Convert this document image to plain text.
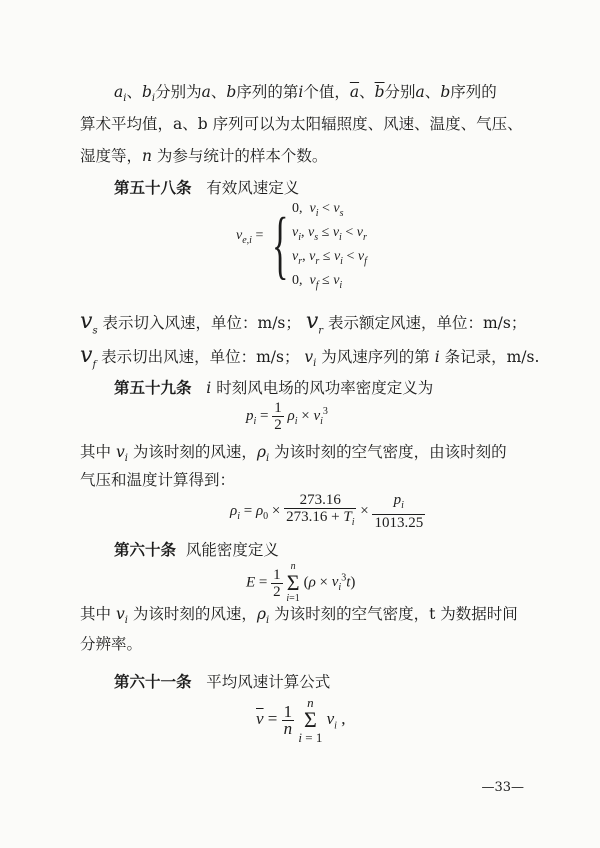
$a_i$、$b_i$分别为a、b序列的第i个值，$\overline{a}$、$\overline{b}$分别a、b序列的
算术平均值，a、b 序列可以为太阳辐照度、风速、温度、气压、
湿度等，n 为参与统计的样本个数。
第五十八条 有效风速定义
$v_{e,i}$ = { 0,  $v_i < v_s$
$v_i$, $v_s \le v_i < v_r$
$v_r$, $v_r \le v_i < v_f$
0,  $v_f \le v_i$
$v_s$ 表示切入风速，单位：m/s； $v_r$ 表示额定风速，单位：m/s；
$v_f$ 表示切出风速，单位：m/s； $v_i$ 为风速序列的第 i 条记录，m/s.
第五十九条 i 时刻风电场的风功率密度定义为
$p_i = \frac{1}{2} \rho_i \times v_i^3$
其中 $v_i$ 为该时刻的风速，$\rho_i$ 为该时刻的空气密度，由该时刻的
气压和温度计算得到：
$\rho_i = \rho_0 \times \frac{273.16}{273.16 + T_i} \times \frac{p_i}{1013.25}$
第六十条 风能密度定义
$E = \frac{1}{2}$ n
Σ
i=1 $(\rho \times v_i^3t)$
其中 $v_i$ 为该时刻的风速，$\rho_i$ 为该时刻的空气密度，t 为数据时间
分辨率。
第六十一条 平均风速计算公式
$\overline{v} = \frac{1}{n}$
n
Σ
i = 1 $v_i$ ,
—33—
